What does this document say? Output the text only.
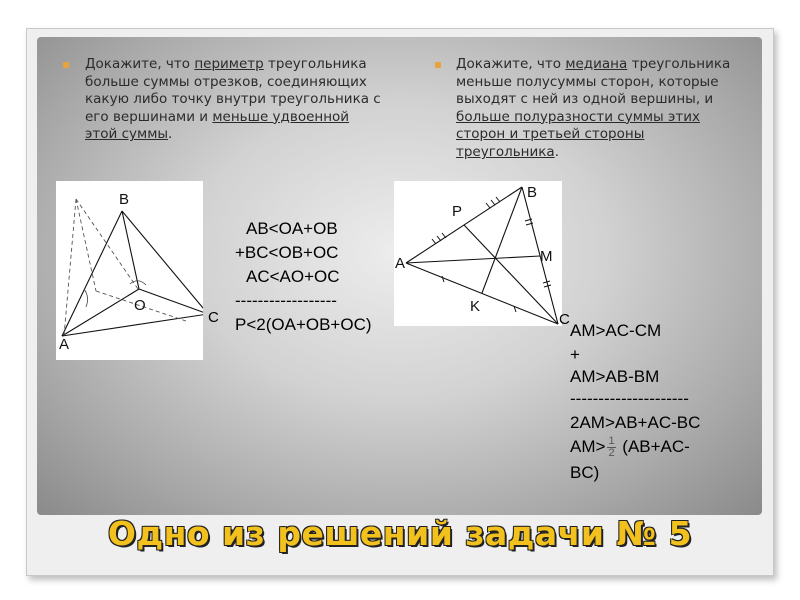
Докажите, что периметр треугольника больше суммы отрезков, соединяющих какую либо точку внутри треугольника с его вершинами и меньше удвоенной этой суммы.
Докажите, что медиана треугольника меньше полусуммы сторон, которые выходят с ней из одной вершины, и больше полуразности суммы этих сторон и третьей стороны треугольника.
B
A
O
C
B
A
P
M
K
C
AB<OA+OB
+BC<OB+OC
AC<AO+OC
------------------
P<2(OA+OB+OC)	AM>AC-CM
+
AM>AB-BM
---------------------
2AM>AB+AC-BC
$AM> \frac{1}{2} (AB+AC-$
BC)
Одно из решений задачи № 5
